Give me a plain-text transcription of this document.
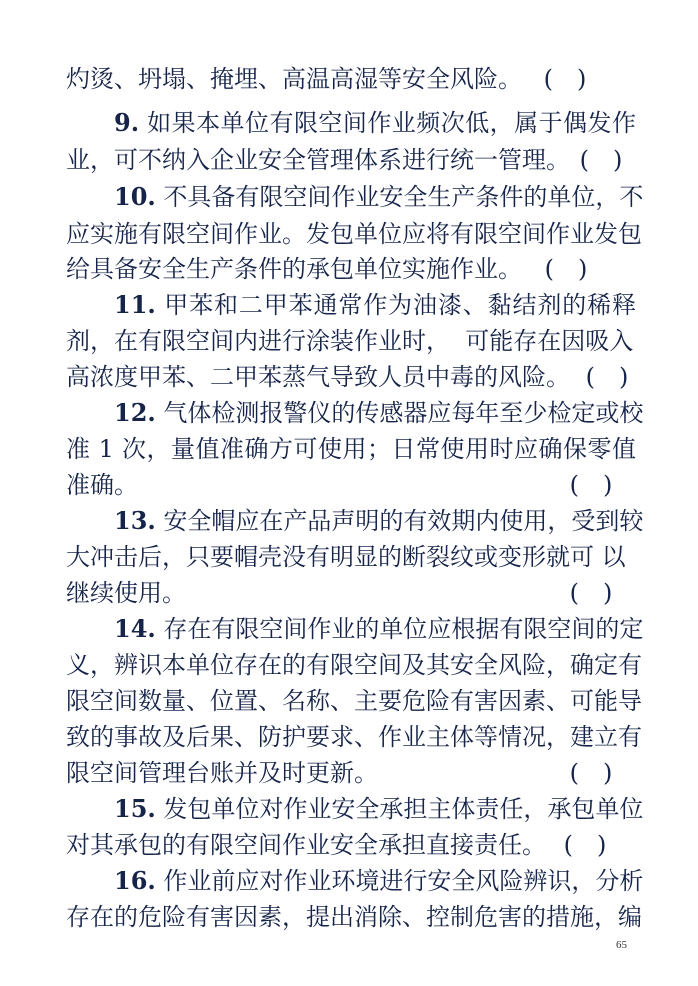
灼烫、坍塌、掩埋、高温高湿等安全风险。 (　)
9. 如果本单位有限空间作业频次低，属于偶发作
业，可不纳入企业安全管理体系进行统一管理。 (　)
10. 不具备有限空间作业安全生产条件的单位，不
应实施有限空间作业。发包单位应将有限空间作业发包
给具备安全生产条件的承包单位实施作业。 (　)
11. 甲苯和二甲苯通常作为油漆、黏结剂的稀释
剂，在有限空间内进行涂装作业时，  可能存在因吸入
高浓度甲苯、二甲苯蒸气导致人员中毒的风险。 (　)
12. 气体检测报警仪的传感器应每年至少检定或校
准 1 次，量值准确方可使用；日常使用时应确保零值
准确。	(　)
13. 安全帽应在产品声明的有效期内使用，受到较
大冲击后，只要帽壳没有明显的断裂纹或变形就可 以
继续使用。	(　)
14. 存在有限空间作业的单位应根据有限空间的定
义，辨识本单位存在的有限空间及其安全风险，确定有
限空间数量、位置、名称、主要危险有害因素、可能导
致的事故及后果、防护要求、作业主体等情况，建立有
限空间管理台账并及时更新。	(　)
15. 发包单位对作业安全承担主体责任，承包单位
对其承包的有限空间作业安全承担直接责任。 (　)
16. 作业前应对作业环境进行安全风险辨识，分析
存在的危险有害因素，提出消除、控制危害的措施，编
65
